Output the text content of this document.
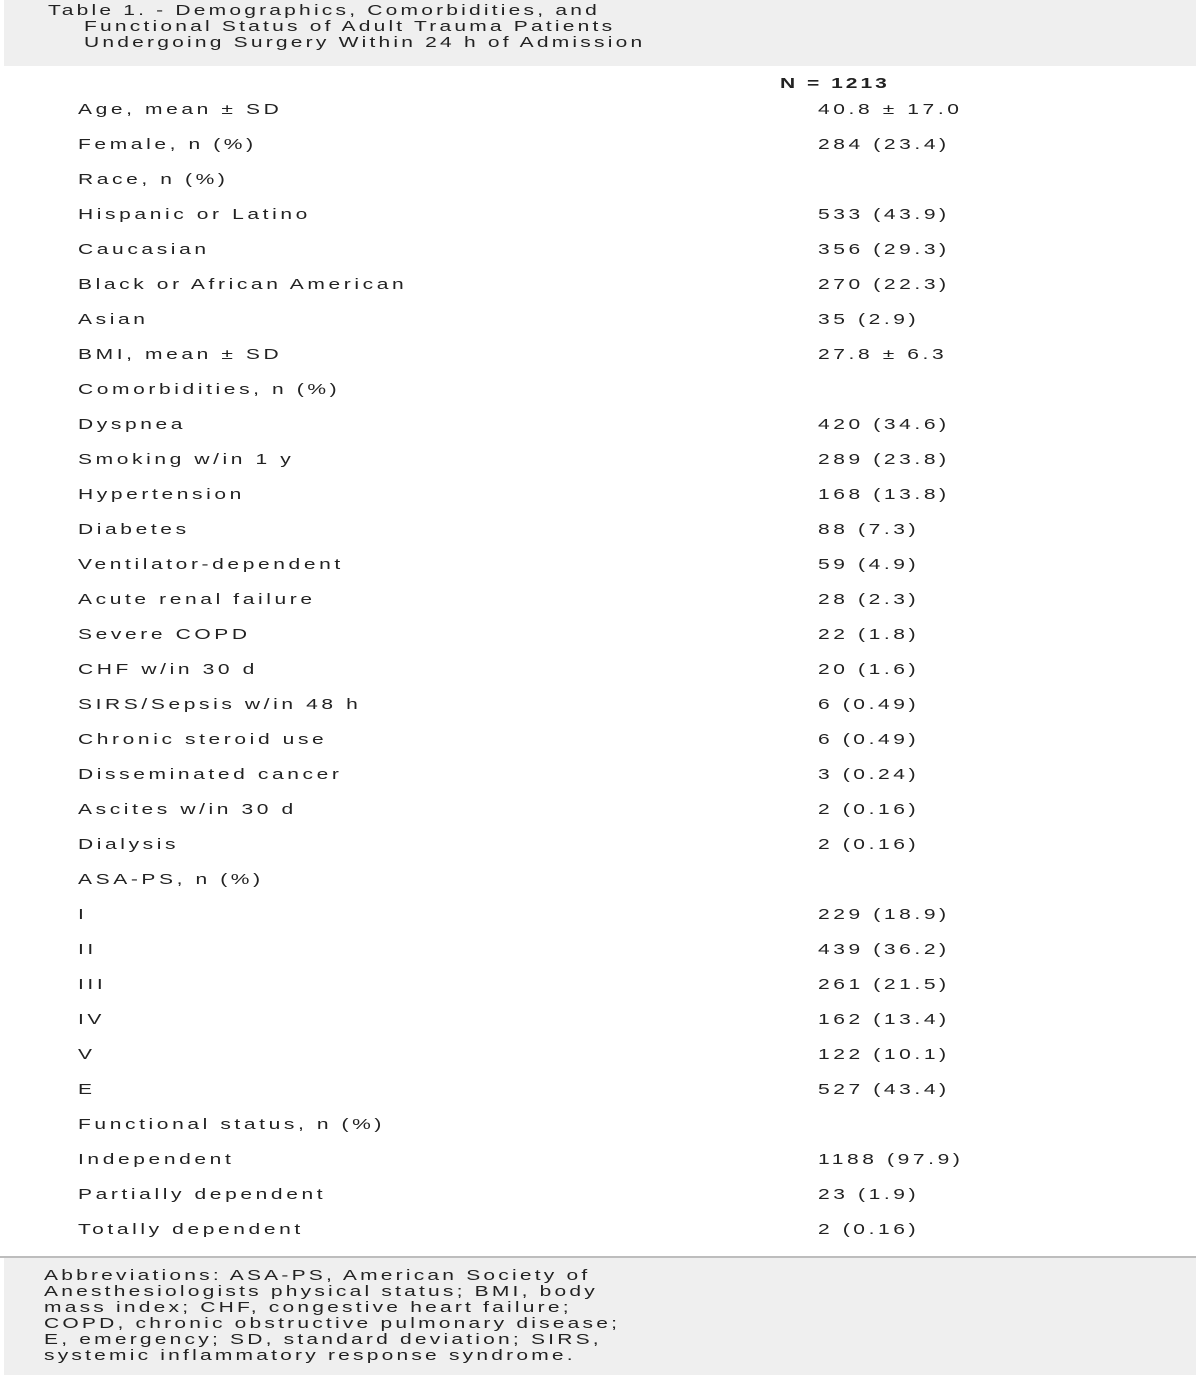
Table 1. - Demographics, Comorbidities, and
Functional Status of Adult Trauma Patients
Undergoing Surgery Within 24 h of Admission
N = 1213
Age, mean ± SD	40.8 ± 17.0
Female, n (%)	284 (23.4)
Race, n (%)
Hispanic or Latino	533 (43.9)
Caucasian	356 (29.3)
Black or African American	270 (22.3)
Asian	35 (2.9)
BMI, mean ± SD	27.8 ± 6.3
Comorbidities, n (%)
Dyspnea	420 (34.6)
Smoking w/in 1 y	289 (23.8)
Hypertension	168 (13.8)
Diabetes	88 (7.3)
Ventilator-dependent	59 (4.9)
Acute renal failure	28 (2.3)
Severe COPD	22 (1.8)
CHF w/in 30 d	20 (1.6)
SIRS/Sepsis w/in 48 h	6 (0.49)
Chronic steroid use	6 (0.49)
Disseminated cancer	3 (0.24)
Ascites w/in 30 d	2 (0.16)
Dialysis	2 (0.16)
ASA-PS, n (%)
I	229 (18.9)
II	439 (36.2)
III	261 (21.5)
IV	162 (13.4)
V	122 (10.1)
E	527 (43.4)
Functional status, n (%)
Independent	1188 (97.9)
Partially dependent	23 (1.9)
Totally dependent	2 (0.16)
Abbreviations: ASA-PS, American Society of
Anesthesiologists physical status; BMI, body
mass index; CHF, congestive heart failure;
COPD, chronic obstructive pulmonary disease;
E, emergency; SD, standard deviation; SIRS,
systemic inflammatory response syndrome.
